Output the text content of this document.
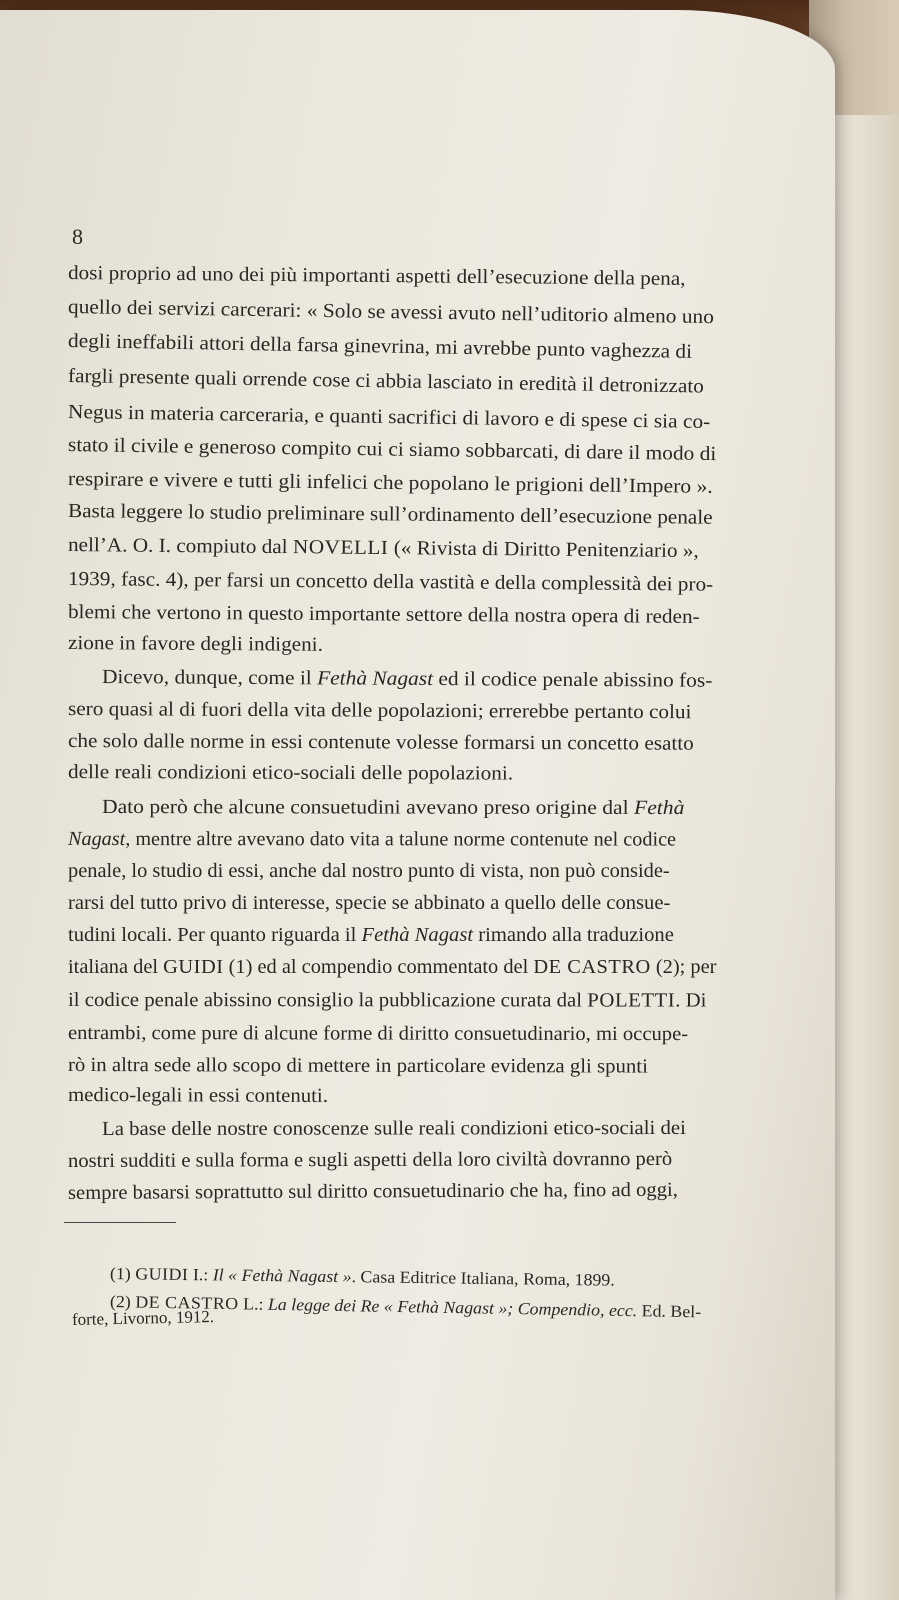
8
dosi proprio ad uno dei più importanti aspetti dell’esecuzione della pena,
quello dei servizi carcerari: « Solo se avessi avuto nell’uditorio almeno uno
degli ineffabili attori della farsa ginevrina, mi avrebbe punto vaghezza di
fargli presente quali orrende cose ci abbia lasciato in eredità il detronizzato
Negus in materia carceraria, e quanti sacrifici di lavoro e di spese ci sia co-
stato il civile e generoso compito cui ci siamo sobbarcati, di dare il modo di
respirare e vivere e tutti gli infelici che popolano le prigioni dell’Impero ».
Basta leggere lo studio preliminare sull’ordinamento dell’esecuzione penale
nell’A. O. I. compiuto dal NOVELLI (« Rivista di Diritto Penitenziario »,
1939, fasc. 4), per farsi un concetto della vastità e della complessità dei pro-
blemi che vertono in questo importante settore della nostra opera di reden-
zione in favore degli indigeni.
Dicevo, dunque, come il Fethà Nagast ed il codice penale abissino fos-
sero quasi al di fuori della vita delle popolazioni; errerebbe pertanto colui
che solo dalle norme in essi contenute volesse formarsi un concetto esatto
delle reali condizioni etico-sociali delle popolazioni.
Dato però che alcune consuetudini avevano preso origine dal Fethà
Nagast, mentre altre avevano dato vita a talune norme contenute nel codice
penale, lo studio di essi, anche dal nostro punto di vista, non può conside-
rarsi del tutto privo di interesse, specie se abbinato a quello delle consue-
tudini locali. Per quanto riguarda il Fethà Nagast rimando alla traduzione
italiana del GUIDI (1) ed al compendio commentato del DE CASTRO (2); per
il codice penale abissino consiglio la pubblicazione curata dal POLETTI. Di
entrambi, come pure di alcune forme di diritto consuetudinario, mi occupe-
rò in altra sede allo scopo di mettere in particolare evidenza gli spunti
medico-legali in essi contenuti.
La base delle nostre conoscenze sulle reali condizioni etico-sociali dei
nostri sudditi e sulla forma e sugli aspetti della loro civiltà dovranno però
sempre basarsi soprattutto sul diritto consuetudinario che ha, fino ad oggi,
(1) GUIDI I.: Il « Fethà Nagast ». Casa Editrice Italiana, Roma, 1899.
(2) DE CASTRO L.: La legge dei Re « Fethà Nagast »; Compendio, ecc. Ed. Bel-
forte, Livorno, 1912.
